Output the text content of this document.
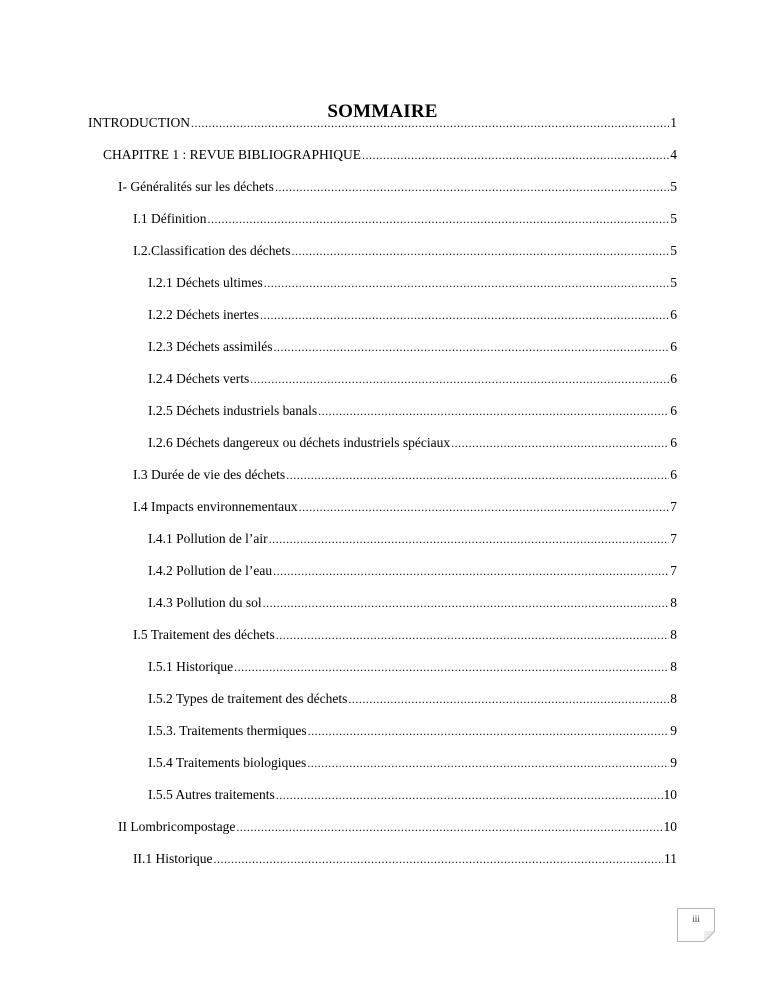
SOMMAIRE
INTRODUCTION .....	1
CHAPITRE 1 : REVUE BIBLIOGRAPHIQUE .....	4
I- Généralités sur les déchets .....	5
I.1 Définition .....	5
I.2.Classification des déchets .....	5
I.2.1 Déchets ultimes .....	5
I.2.2 Déchets inertes .....	6
I.2.3 Déchets assimilés .....	6
I.2.4 Déchets verts .....	6
I.2.5 Déchets industriels banals .....	6
I.2.6 Déchets dangereux ou déchets industriels spéciaux .....	6
I.3 Durée de vie des déchets .....	6
I.4 Impacts environnementaux .....	7
I.4.1 Pollution de l’air .....	7
I.4.2 Pollution de l’eau .....	7
I.4.3 Pollution du sol .....	8
I.5 Traitement des déchets .....	8
I.5.1 Historique .....	8
I.5.2 Types de traitement des déchets .....	8
I.5.3. Traitements thermiques .....	9
I.5.4 Traitements biologiques .....	9
I.5.5 Autres traitements .....	10
II Lombricompostage .....	10
II.1 Historique .....	11
iii
